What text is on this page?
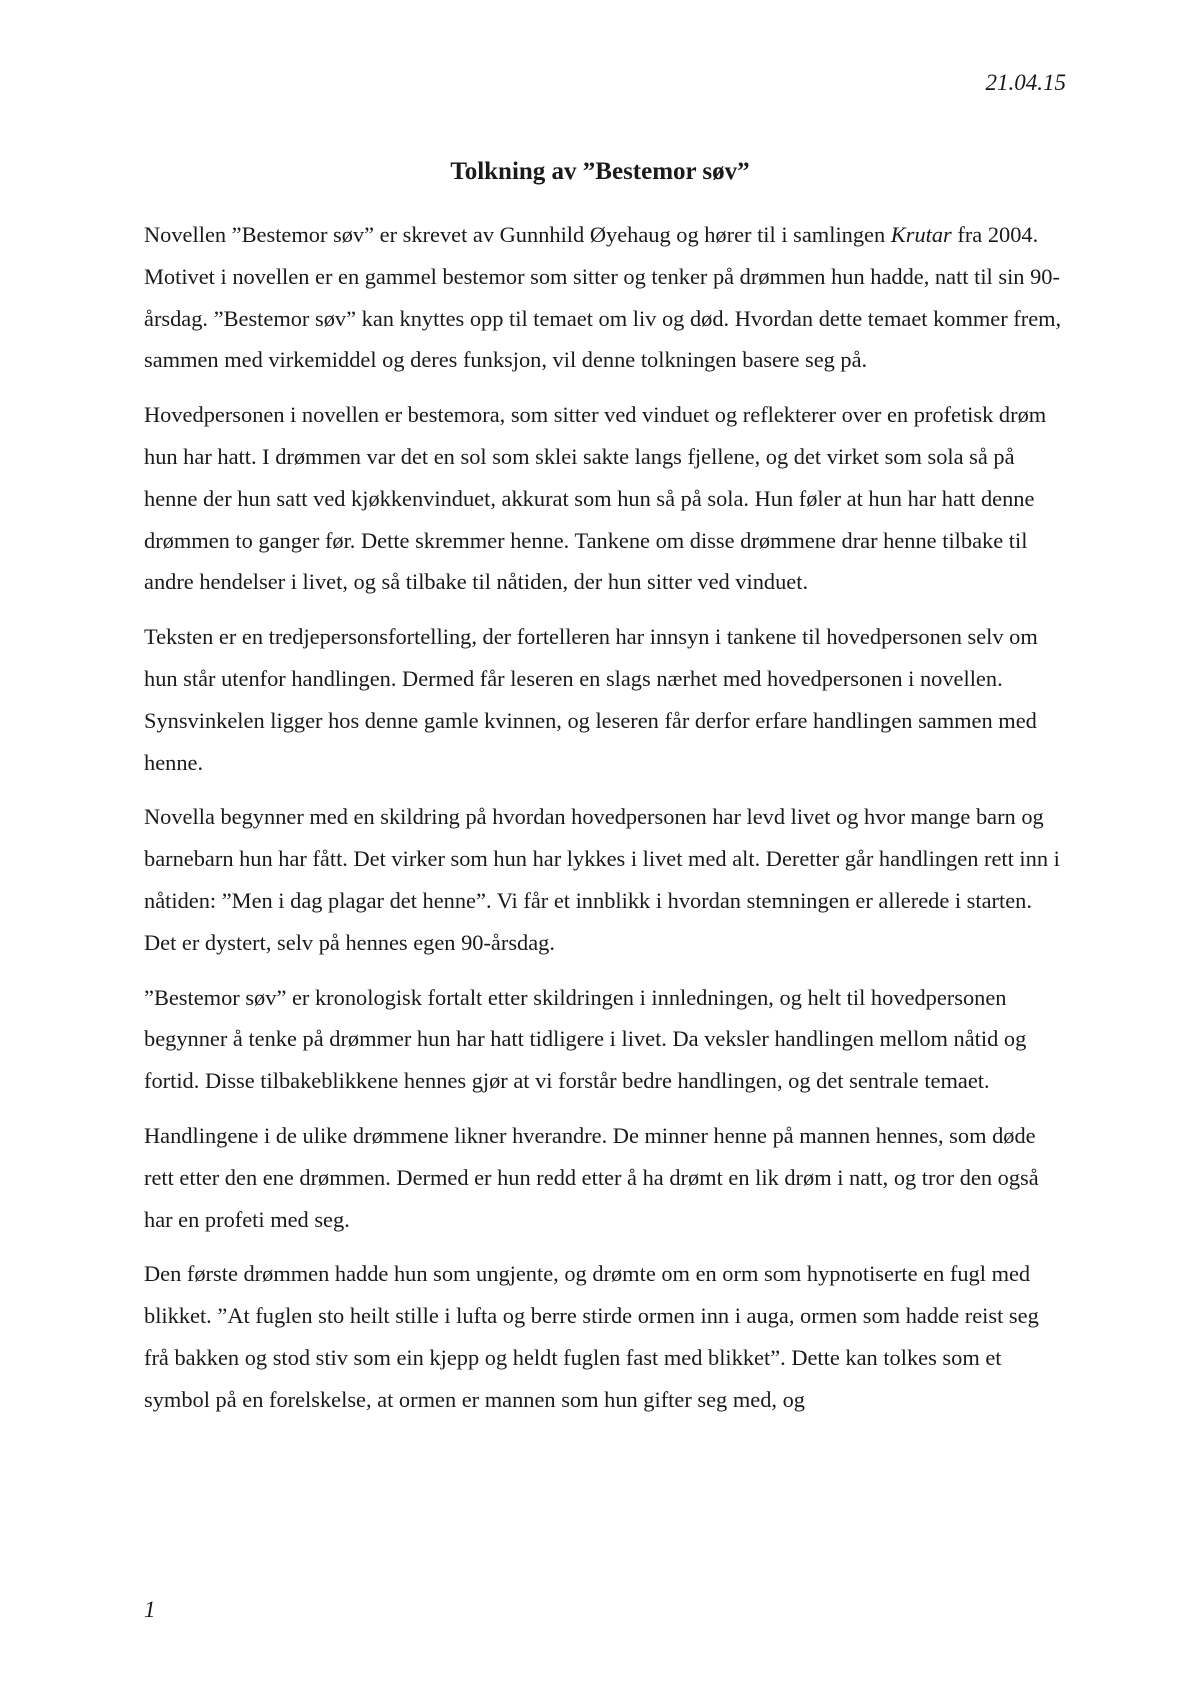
21.04.15
Tolkning av ”Bestemor søv”

Novellen ”Bestemor søv” er skrevet av Gunnhild Øyehaug og hører til i samlingen Krutar fra 2004. Motivet i novellen er en gammel bestemor som sitter og tenker på drømmen hun hadde, natt til sin 90-årsdag. ”Bestemor søv” kan knyttes opp til temaet om liv og død. Hvordan dette temaet kommer frem, sammen med virkemiddel og deres funksjon, vil denne tolkningen basere seg på.

Hovedpersonen i novellen er bestemora, som sitter ved vinduet og reflekterer over en profetisk drøm hun har hatt. I drømmen var det en sol som sklei sakte langs fjellene, og det virket som sola så på henne der hun satt ved kjøkkenvinduet, akkurat som hun så på sola. Hun føler at hun har hatt denne drømmen to ganger før. Dette skremmer henne. Tankene om disse drømmene drar henne tilbake til andre hendelser i livet, og så tilbake til nåtiden, der hun sitter ved vinduet.

Teksten er en tredjepersonsfortelling, der fortelleren har innsyn i tankene til hovedpersonen selv om hun står utenfor handlingen. Dermed får leseren en slags nærhet med hovedpersonen i novellen. Synsvinkelen ligger hos denne gamle kvinnen, og leseren får derfor erfare handlingen sammen med henne.

Novella begynner med en skildring på hvordan hovedpersonen har levd livet og hvor mange barn og barnebarn hun har fått. Det virker som hun har lykkes i livet med alt. Deretter går handlingen rett inn i nåtiden: ”Men i dag plagar det henne”. Vi får et innblikk i hvordan stemningen er allerede i starten. Det er dystert, selv på hennes egen 90-årsdag.

”Bestemor søv” er kronologisk fortalt etter skildringen i innledningen, og helt til hovedpersonen begynner å tenke på drømmer hun har hatt tidligere i livet. Da veksler handlingen mellom nåtid og fortid. Disse tilbakeblikkene hennes gjør at vi forstår bedre handlingen, og det sentrale temaet.

Handlingene i de ulike drømmene likner hverandre. De minner henne på mannen hennes, som døde rett etter den ene drømmen. Dermed er hun redd etter å ha drømt en lik drøm i natt, og tror den også har en profeti med seg.

Den første drømmen hadde hun som ungjente, og drømte om en orm som hypnotiserte en fugl med blikket. ”At fuglen sto heilt stille i lufta og berre stirde ormen inn i auga, ormen som hadde reist seg frå bakken og stod stiv som ein kjepp og heldt fuglen fast med blikket”. Dette kan tolkes som et symbol på en forelskelse, at ormen er mannen som hun gifter seg med, og

1
